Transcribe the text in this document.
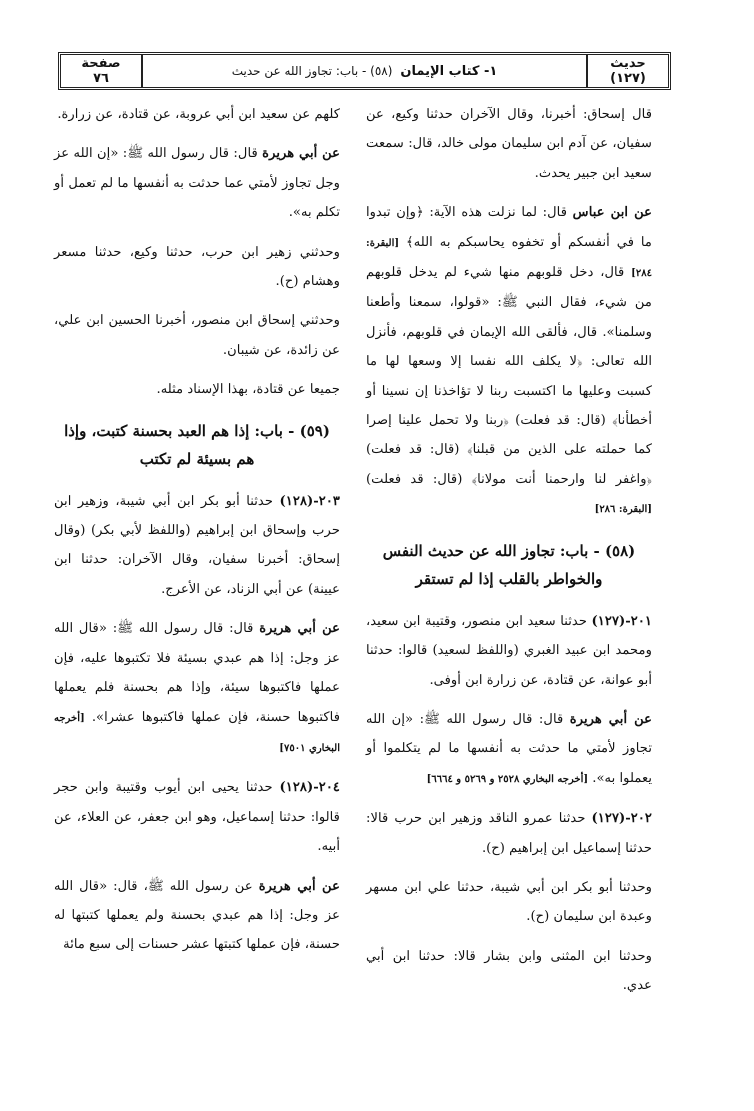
حديث
(١٢٧)
١- كتاب الإيمان
(٥٨) - باب: تجاوز الله عن حديث
صفحة
٧٦

قال إسحاق: أخبرنا، وقال الآخران حدثنا وكيع، عن سفيان، عن آدم ابن سليمان مولى خالد، قال: سمعت سعيد ابن جبير يحدث.

عن ابن عباس قال: لما نزلت هذه الآية: ﴿وإن تبدوا ما في أنفسكم أو تخفوه يحاسبكم به الله﴾ [البقرة: ٢٨٤] قال، دخل قلوبهم منها شيء لم يدخل قلوبهم من شيء، فقال النبي ﷺ: «قولوا، سمعنا وأطعنا وسلمنا». قال، فألقى الله الإيمان في قلوبهم، فأنزل الله تعالى: ﴿لا يكلف الله نفسا إلا وسعها لها ما كسبت وعليها ما اكتسبت ربنا لا تؤاخذنا إن نسينا أو أخطأنا﴾ (قال: قد فعلت) ﴿ربنا ولا تحمل علينا إصرا كما حملته على الذين من قبلنا﴾ (قال: قد فعلت) ﴿واغفر لنا وارحمنا أنت مولانا﴾ (قال: قد فعلت) [البقرة: ٢٨٦]

(٥٨) - باب: تجاوز الله عن حديث النفس والخواطر بالقلب إذا لم تستقر

٢٠١-(١٢٧) حدثنا سعيد ابن منصور، وقتيبة ابن سعيد، ومحمد ابن عبيد الغبري (واللفظ لسعيد) قالوا: حدثنا أبو عوانة، عن قتادة، عن زرارة ابن أوفى.

عن أبي هريرة قال: قال رسول الله ﷺ: «إن الله تجاوز لأمتي ما حدثت به أنفسها ما لم يتكلموا أو يعملوا به». [أخرجه البخاري ٢٥٢٨ و ٥٢٦٩ و ٦٦٦٤]

٢٠٢-(١٢٧) حدثنا عمرو الناقد وزهير ابن حرب قالا: حدثنا إسماعيل ابن إبراهيم (ح).

وحدثنا أبو بكر ابن أبي شيبة، حدثنا علي ابن مسهر وعبدة ابن سليمان (ح).

وحدثنا ابن المثنى وابن بشار قالا: حدثنا ابن أبي عدي.

كلهم عن سعيد ابن أبي عروبة، عن قتادة، عن زرارة.

عن أبي هريرة قال: قال رسول الله ﷺ: «إن الله عز وجل تجاوز لأمتي عما حدثت به أنفسها ما لم تعمل أو تكلم به».

وحدثني زهير ابن حرب، حدثنا وكيع، حدثنا مسعر وهشام (ح).

وحدثني إسحاق ابن منصور، أخبرنا الحسين ابن علي، عن زائدة، عن شيبان.

جميعا عن قتادة، بهذا الإسناد مثله.

(٥٩) - باب: إذا هم العبد بحسنة كتبت، وإذا هم بسيئة لم تكتب

٢٠٣-(١٢٨) حدثنا أبو بكر ابن أبي شيبة، وزهير ابن حرب وإسحاق ابن إبراهيم (واللفظ لأبي بكر) (وقال إسحاق: أخبرنا سفيان، وقال الآخران: حدثنا ابن عيينة) عن أبي الزناد، عن الأعرج.

عن أبي هريرة قال: قال رسول الله ﷺ: «قال الله عز وجل: إذا هم عبدي بسيئة فلا تكتبوها عليه، فإن عملها فاكتبوها سيئة، وإذا هم بحسنة فلم يعملها فاكتبوها حسنة، فإن عملها فاكتبوها عشرا». [أخرجه البخاري ٧٥٠١]

٢٠٤-(١٢٨) حدثنا يحيى ابن أيوب وقتيبة وابن حجر قالوا: حدثنا إسماعيل، وهو ابن جعفر، عن العلاء، عن أبيه.

عن أبي هريرة عن رسول الله ﷺ، قال: «قال الله عز وجل: إذا هم عبدي بحسنة ولم يعملها كتبتها له حسنة، فإن عملها كتبتها عشر حسنات إلى سبع مائة
